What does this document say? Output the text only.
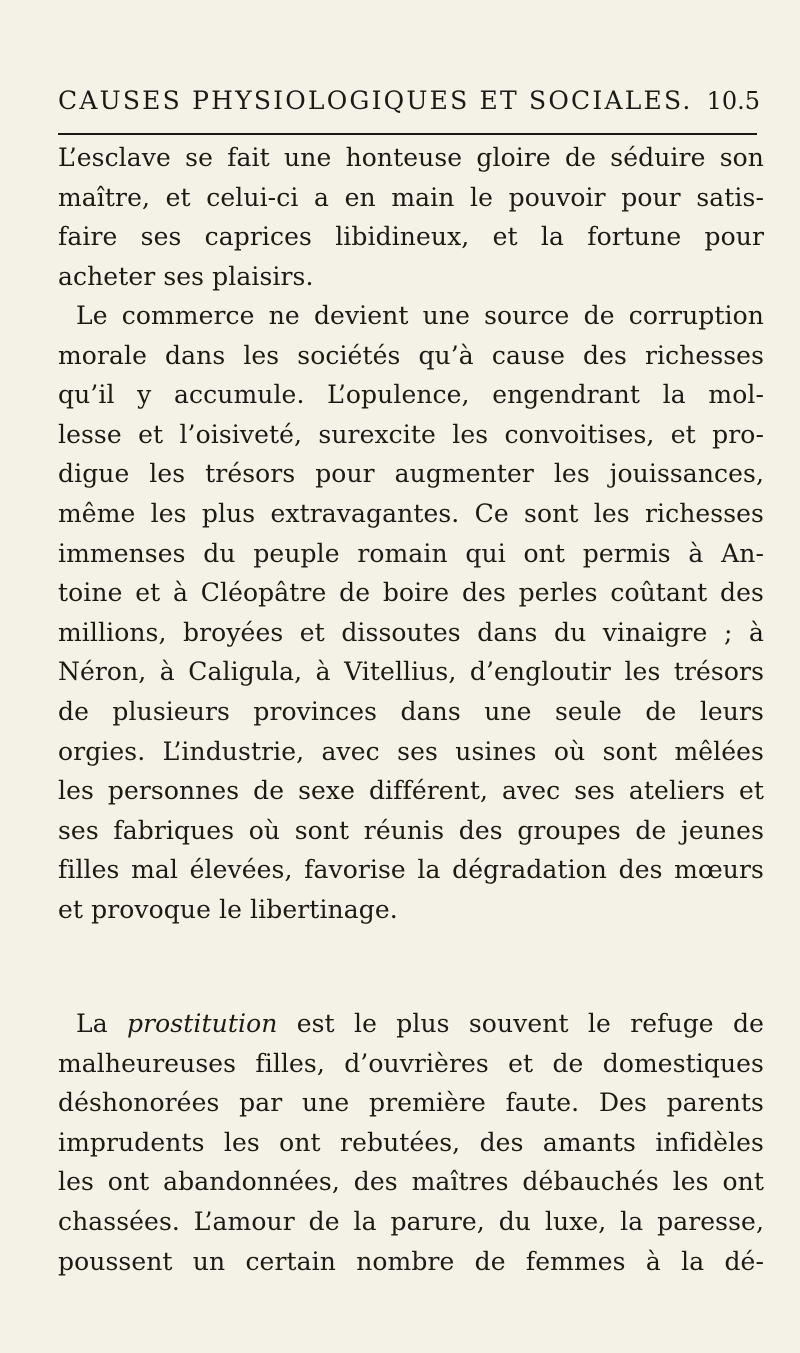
CAUSES PHYSIOLOGIQUES ET SOCIALES. 10.5
L’esclave se fait une honteuse gloire de séduire son
maître, et celui-ci a en main le pouvoir pour satis-
faire ses caprices libidineux, et la fortune pour
acheter ses plaisirs.
Le commerce ne devient une source de corruption
morale dans les sociétés qu’à cause des richesses
qu’il y accumule. L’opulence, engendrant la mol-
lesse et l’oisiveté, surexcite les convoitises, et pro-
digue les trésors pour augmenter les jouissances,
même les plus extravagantes. Ce sont les richesses
immenses du peuple romain qui ont permis à An-
toine et à Cléopâtre de boire des perles coûtant des
millions, broyées et dissoutes dans du vinaigre ; à
Néron, à Caligula, à Vitellius, d’engloutir les trésors
de plusieurs provinces dans une seule de leurs
orgies. L’industrie, avec ses usines où sont mêlées
les personnes de sexe différent, avec ses ateliers et
ses fabriques où sont réunis des groupes de jeunes
filles mal élevées, favorise la dégradation des mœurs
et provoque le libertinage.
La prostitution est le plus souvent le refuge de
malheureuses filles, d’ouvrières et de domestiques
déshonorées par une première faute. Des parents
imprudents les ont rebutées, des amants infidèles
les ont abandonnées, des maîtres débauchés les ont
chassées. L’amour de la parure, du luxe, la paresse,
poussent un certain nombre de femmes à la dé-
